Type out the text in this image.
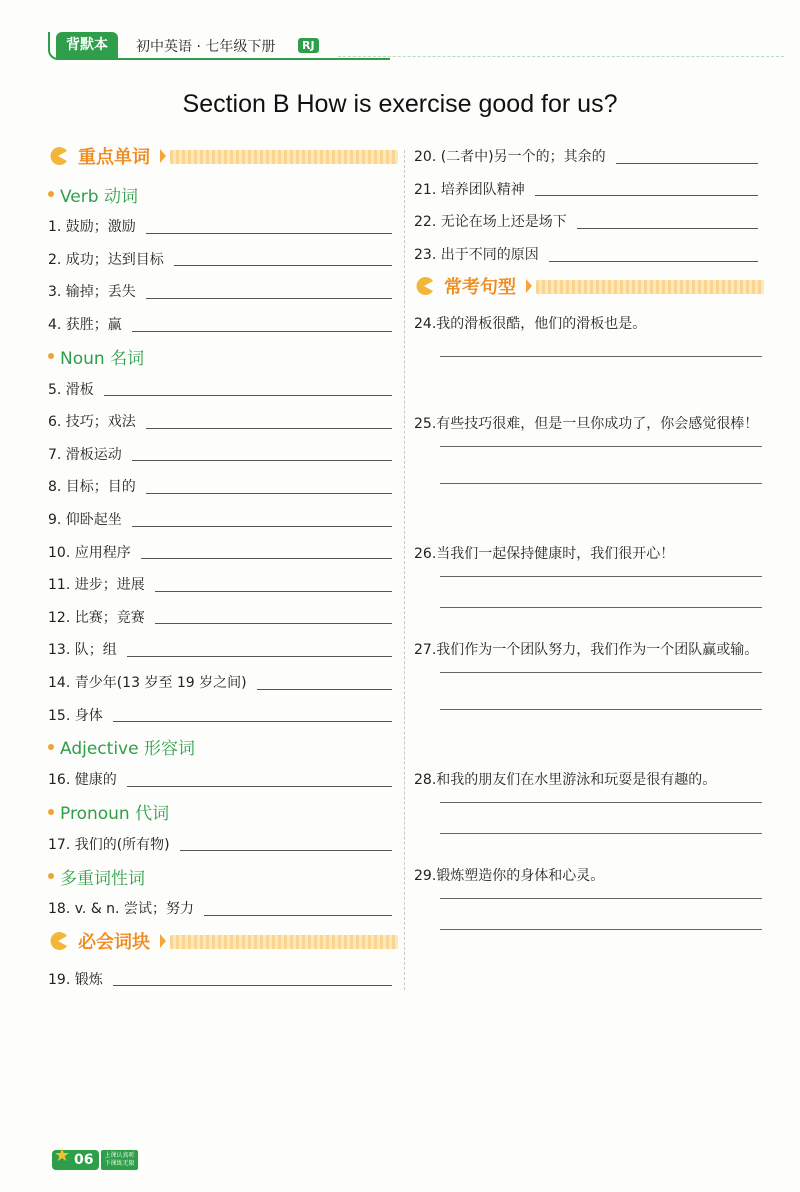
背默本	初中英语 · 七年级下册	RJ
Section B How is exercise good for us?
重点单词
Verb 动词
1. 鼓励；激励
2. 成功；达到目标
3. 输掉；丢失
4. 获胜；赢
Noun 名词
5. 滑板
6. 技巧；戏法
7. 滑板运动
8. 目标；目的
9. 仰卧起坐
10. 应用程序
11. 进步；进展
12. 比赛；竞赛
13. 队；组
14. 青少年(13 岁至 19 岁之间)
15. 身体
Adjective 形容词
16. 健康的
Pronoun 代词
17. 我们的(所有物)
多重词性词
18. v. & n. 尝试；努力
必会词块
19. 锻炼
20. (二者中)另一个的；其余的
21. 培养团队精神
22. 无论在场上还是场下
23. 出于不同的原因
常考句型
24. 我的滑板很酷，他们的滑板也是。
25. 有些技巧很难，但是一旦你成功了，你会感觉很棒！
26. 当我们一起保持健康时，我们很开心！
27. 我们作为一个团队努力，我们作为一个团队赢或输。
28. 和我的朋友们在水里游泳和玩耍是很有趣的。
29. 锻炼塑造你的身体和心灵。
★ 06	上课认真听
下课练无限
